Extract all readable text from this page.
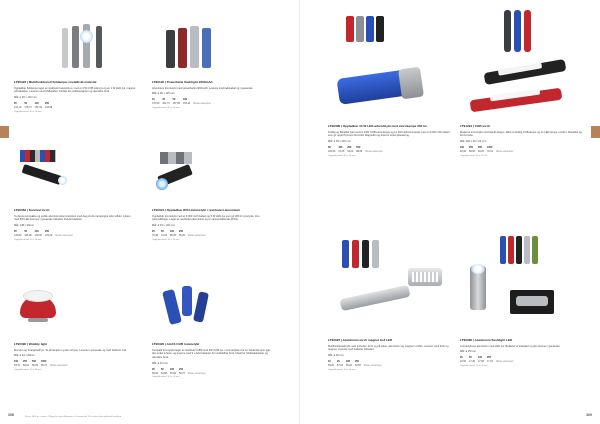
LT90323 | Multifunktionell ficklampa i metalliskt material
Oppladbar ficklampe laget av resirkulert aluminium, med et 3 W COB side-lys og en 1 W LED-lys, magnet på baksiden. Leveres med USB-kabel. Perfekt for nødsituasjoner og utendørs bruk.
Mål: ø 30 x 110 mm
25	50	100	250
212,10 178,74 151,39 133,68
Opptrykksareal: 60 x 15 mm
LT90120 | Powerbank flashlight 2200mAh
Aluminium lommelykt med powerbank 2200mAh. Leveres med ladekabel og i gaveeske.
Mål: ø 30 x 115 mm
10	25	50	100
170,59 164,74 157,85 153,24 Meste eksempel
Opptrykksareal: 50 x 15 mm
LT90362 | Survival torch
Ta denne kompakte og solide aluminiumslommelykten med deg på din campingtur eller utflukt. Lykten med 5W LED kommer i gaveeske inkludert 3xAAA batterier.
Mål: 148 x 30mm
25	50	100	250
144,80 136,06 130,00 125,00 Meste eksempel
Opptrykksareal: 40 x 10 mm
LT90321 | Oppladbar IPX4-lommelykt i resirkulert aluminium
Oppladbar lommelykt med et 3 000 mAh batteri og 5 W LED-lys som gir 280 lm lysstyrke. Fire lysinnstillinger. Laget av resirkulert aluminium og er vannavstøtende (IPX4).
Mål: ø 34 x 140 mm
25	50	100	250
78,48 72,03 68,05 65,20 Meste eksempel
Opptrykksareal: 40 x 15 mm
LT90390 | Wobbly light
Morsom og funksjonell lys. Ta på lampen og den vil lyse. Leveres i gaveeske og med batterier inkl.
Mål: ø 64 x 80mm
100	250	500	1000
63,70 59,10 58,09 56,70 Meste eksempel
Opptrykksareal: 30 x 30 mm
LT90320 | AAAS COB lommelykt
Kompakt lommelykt laget av resirkulert ABS med 3W COB-lys. Lommelykten har en hektende som gjør den enkel å feste, og leveres med 3 x AAA batterier for umiddelbar bruk. Ideell for friluftsaktiviteter og utendørs bruk.
Mål: ø 32 mm
25	50	100	250
66,60 62,88 60,60 59,70 Meste eksempel
Opptrykksareal: 30 x 15 mm
Priser: SEK ex. moms | Tillägg för tryck tillkommer | Leveranstid: 3-4 veckor efter godkänd korrektur
308
LT90399 | Oppladbar 10 W LED-arbeidslykt med stormlampe 360 lm
Kraftig og fleksibel lykt med en 10W COB-stormlampe og en 3W LED-lommelykt. Har et 3 600 mAh batteri som gir opptil 5 timers brenntid. Magnetfot og krok for enkel plassering.
Mål: ø 35 x 215 mm
50	100	250	500
103,05 97,66 92,04 88,89 Meste eksempel
Opptrykksareal: 60 x 15 mm
LT91291 | COB torch
Moderne lommelykt med slankt design. Med en kraftig COB-lampe og en LED-lampe i enden. Fleksibel og lett å bruke.
Mål: 200 x 30 x 22 mm
100	250	500	1000
92,50 89,40 84,20 79,10 Meste eksempel
Opptrykksareal: 60 x 12 mm
LT90997 | Aluminium torch magnet 9+8 LED
Multifunksjonell lykt med lyshode i front og på siden. Aluminium og magnet i enden. Leveres med krok og magnet. Leveres med batterier inkludert.
Mål: ø 30 mm
10	25	100	250
69,20 67,18 65,20 63,50 Meste eksempel
Opptrykksareal: 40 x 10 mm
LT90960 | Aluminium flashlight LED
Lommelykt av aluminium med LED-lys. Batterier er inkludert og den leveres i gaveeske.
Mål: ø 25 mm
25	50	100	250
20,60 17,46 17,08 17,15 Meste eksempel
Opptrykksareal: 25 x 10 mm
309
